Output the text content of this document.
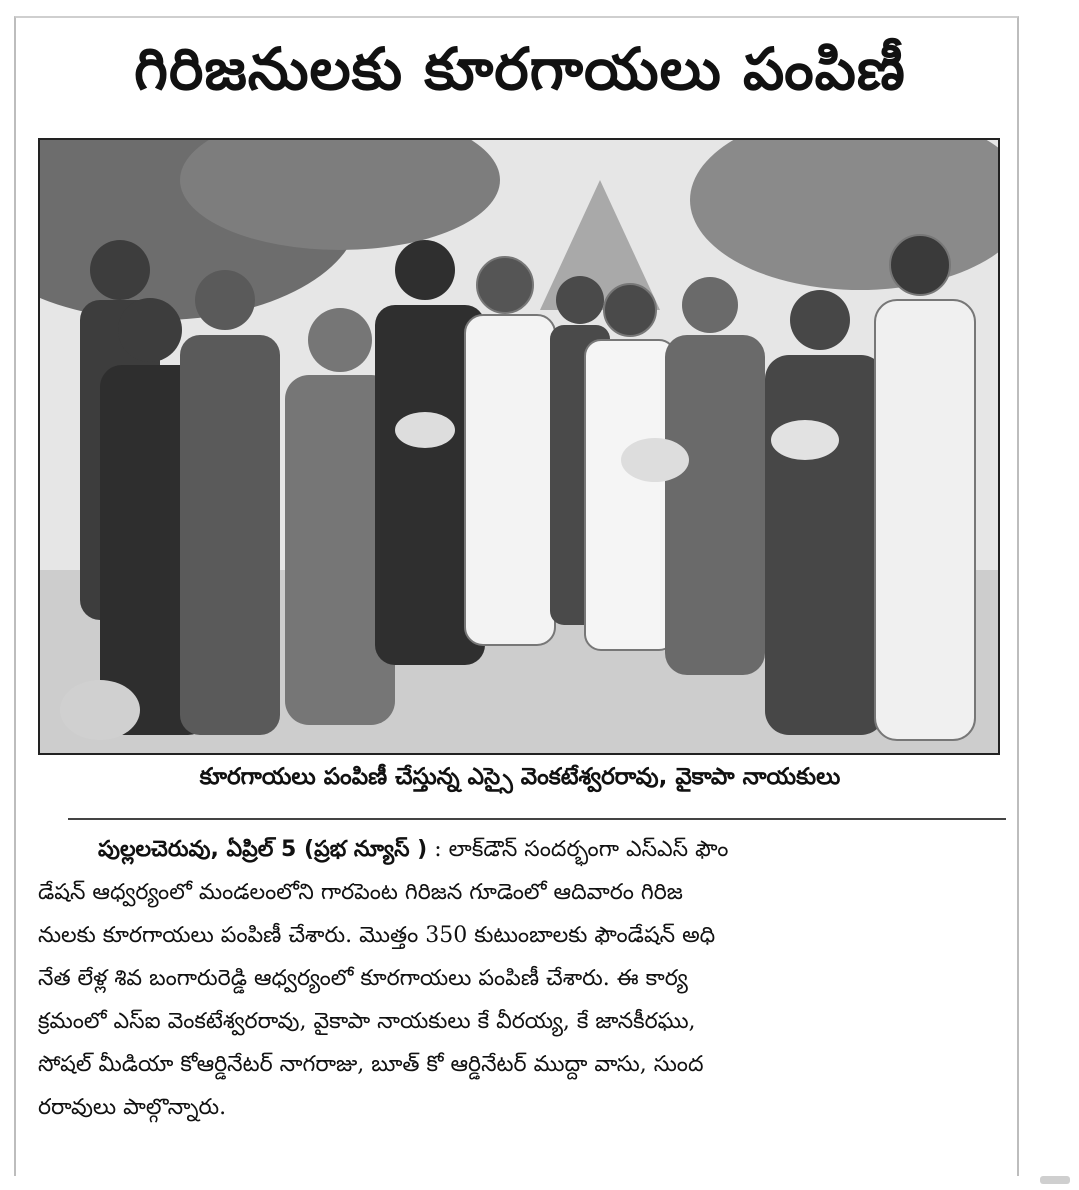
గిరిజనులకు కూరగాయలు పంపిణీ
కూరగాయలు పంపిణీ చేస్తున్న ఎస్సై వెంకటేశ్వరరావు, వైకాపా నాయకులు
పుల్లలచెరువు, ఏప్రిల్ 5 (ప్రభ న్యూస్ ) : లాక్‌డౌన్ సందర్భంగా ఎస్ఎస్ ఫౌం
డేషన్ ఆధ్వర్యంలో మండలంలోని గారపెంట గిరిజన గూడెంలో ఆదివారం గిరిజ
నులకు కూరగాయలు పంపిణీ చేశారు. మొత్తం 350 కుటుంబాలకు ఫౌండేషన్ అధి
నేత లేళ్ల శివ బంగారురెడ్డి ఆధ్వర్యంలో కూరగాయలు పంపిణీ చేశారు. ఈ కార్య
క్రమంలో ఎస్ఐ వెంకటేశ్వరరావు, వైకాపా నాయకులు కే వీరయ్య, కే జానకీరఘు,
సోషల్ మీడియా కోఆర్డినేటర్ నాగరాజు, బూత్ కో ఆర్డినేటర్ ముద్దా వాసు, సుంద
రరావులు పాల్గొన్నారు.
